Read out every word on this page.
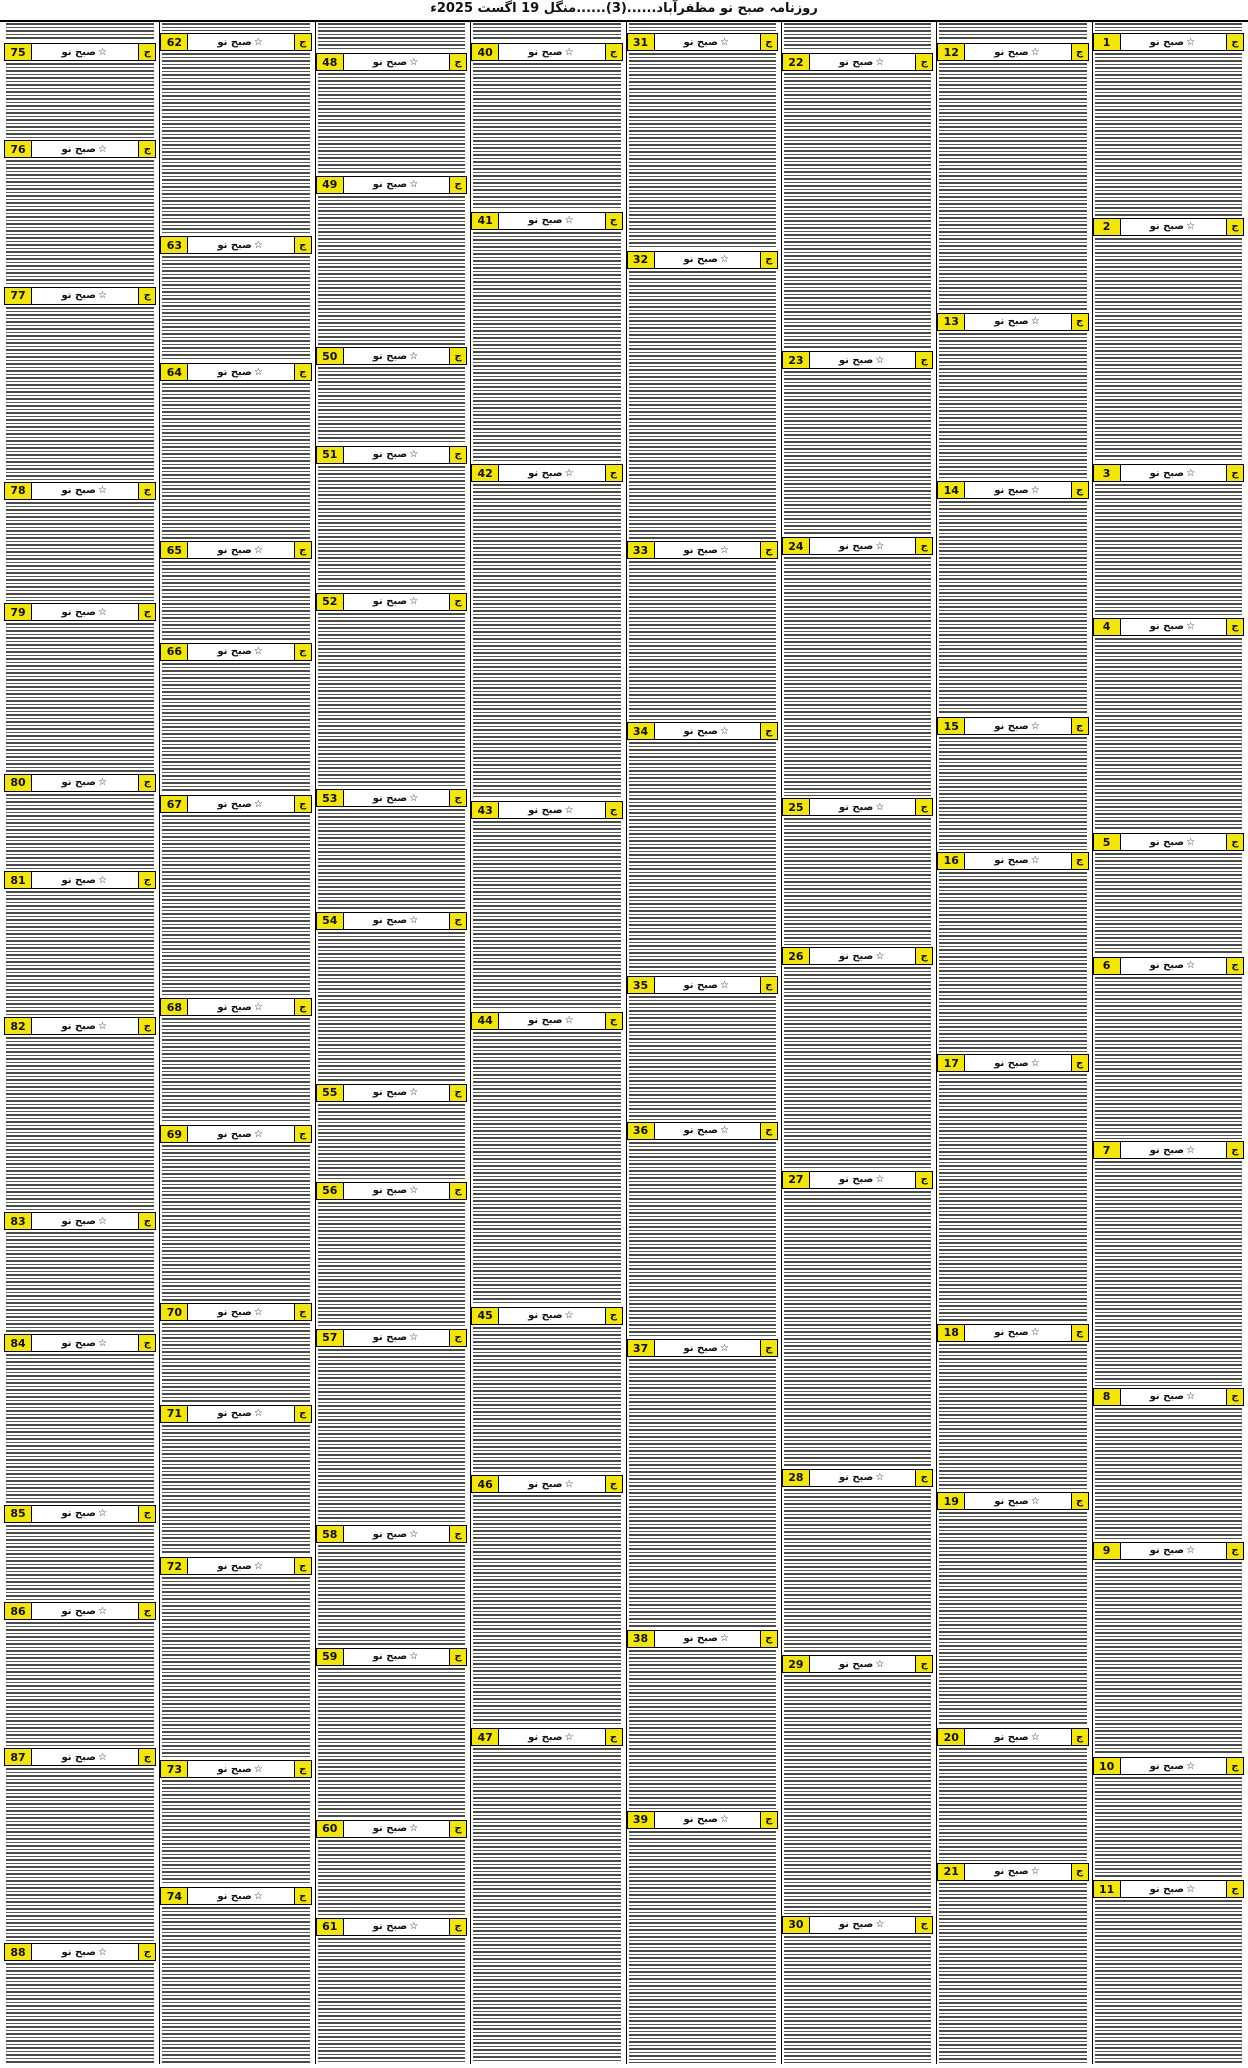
روزنامہ صبح نو مظفرآباد......(3)......منگل 19 اگست 2025ء
1	☆صبح نو	ج
2	☆صبح نو	ج
3	☆صبح نو	ج
4	☆صبح نو	ج
5	☆صبح نو	ج
6	☆صبح نو	ج
7	☆صبح نو	ج
8	☆صبح نو	ج
9	☆صبح نو	ج
10	☆صبح نو	ج
11	☆صبح نو	ج
12	☆صبح نو	ج
13	☆صبح نو	ج
14	☆صبح نو	ج
15	☆صبح نو	ج
16	☆صبح نو	ج
17	☆صبح نو	ج
18	☆صبح نو	ج
19	☆صبح نو	ج
20	☆صبح نو	ج
21	☆صبح نو	ج
22	☆صبح نو	ج
23	☆صبح نو	ج
24	☆صبح نو	ج
25	☆صبح نو	ج
26	☆صبح نو	ج
27	☆صبح نو	ج
28	☆صبح نو	ج
29	☆صبح نو	ج
30	☆صبح نو	ج
31	☆صبح نو	ج
32	☆صبح نو	ج
33	☆صبح نو	ج
34	☆صبح نو	ج
35	☆صبح نو	ج
36	☆صبح نو	ج
37	☆صبح نو	ج
38	☆صبح نو	ج
39	☆صبح نو	ج
40	☆صبح نو	ج
41	☆صبح نو	ج
42	☆صبح نو	ج
43	☆صبح نو	ج
44	☆صبح نو	ج
45	☆صبح نو	ج
46	☆صبح نو	ج
47	☆صبح نو	ج
48	☆صبح نو	ج
49	☆صبح نو	ج
50	☆صبح نو	ج
51	☆صبح نو	ج
52	☆صبح نو	ج
53	☆صبح نو	ج
54	☆صبح نو	ج
55	☆صبح نو	ج
56	☆صبح نو	ج
57	☆صبح نو	ج
58	☆صبح نو	ج
59	☆صبح نو	ج
60	☆صبح نو	ج
61	☆صبح نو	ج
62	☆صبح نو	ج
63	☆صبح نو	ج
64	☆صبح نو	ج
65	☆صبح نو	ج
66	☆صبح نو	ج
67	☆صبح نو	ج
68	☆صبح نو	ج
69	☆صبح نو	ج
70	☆صبح نو	ج
71	☆صبح نو	ج
72	☆صبح نو	ج
73	☆صبح نو	ج
74	☆صبح نو	ج
75	☆صبح نو	ج
76	☆صبح نو	ج
77	☆صبح نو	ج
78	☆صبح نو	ج
79	☆صبح نو	ج
80	☆صبح نو	ج
81	☆صبح نو	ج
82	☆صبح نو	ج
83	☆صبح نو	ج
84	☆صبح نو	ج
85	☆صبح نو	ج
86	☆صبح نو	ج
87	☆صبح نو	ج
88	☆صبح نو	ج
